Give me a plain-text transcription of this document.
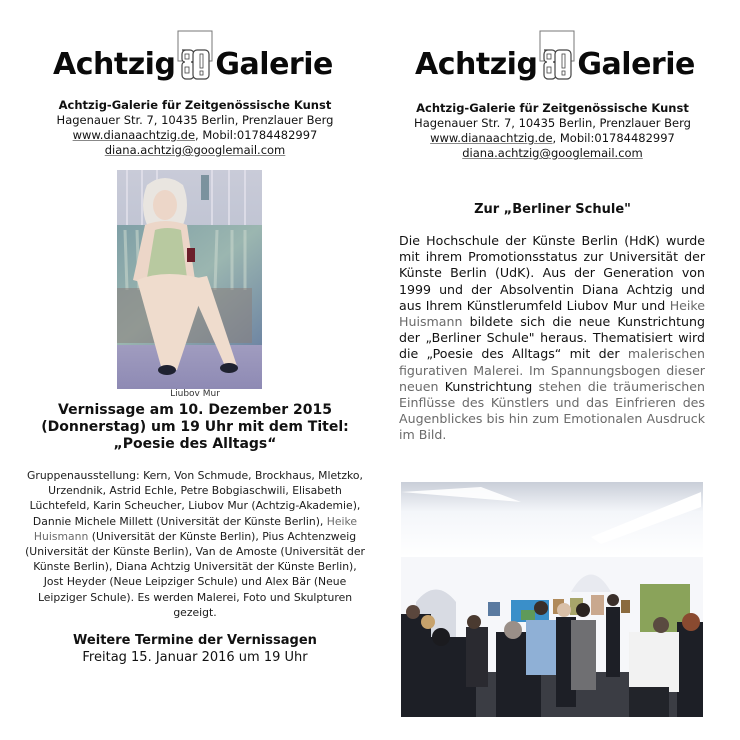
Achtzig Galerie
Achtzig-Galerie für Zeitgenössische Kunst
Hagenauer Str. 7, 10435 Berlin, Prenzlauer Berg
www.dianaachtzig.de, Mobil:01784482997
diana.achtzig@googlemail.com
Liubov Mur
Vernissage am 10. Dezember 2015
(Donnerstag) um 19 Uhr mit dem Titel:
„Poesie des Alltags“
Gruppenausstellung: Kern, Von Schmude, Brockhaus, Mletzko, Urzendnik, Astrid Echle, Petre Bobgiaschwili, Elisabeth Lüchtefeld, Karin Scheucher, Liubov Mur (Achtzig-Akademie), Dannie Michele Millett (Universität der Künste Berlin), Heike Huismann (Universität der Künste Berlin), Pius Achtenzweig (Universität der Künste Berlin), Van de Amoste (Universität der Künste Berlin), Diana Achtzig Universität der Künste Berlin), Jost Heyder (Neue Leipziger Schule) und Alex Bär (Neue Leipziger Schule). Es werden Malerei, Foto und Skulpturen gezeigt.
Weitere Termine der Vernissagen
Freitag 15. Januar 2016 um 19 Uhr
Achtzig Galerie
Achtzig-Galerie für Zeitgenössische Kunst
Hagenauer Str. 7, 10435 Berlin, Prenzlauer Berg
www.dianaachtzig.de, Mobil:01784482997
diana.achtzig@googlemail.com
Zur „Berliner Schule"
Die Hochschule der Künste Berlin (HdK) wurde mit ihrem Promotionsstatus zur Universität der Künste Berlin (UdK). Aus der Generation von 1999 und der Absolventin Diana Achtzig und aus Ihrem Künstlerumfeld Liubov Mur und Heike Huismann bildete sich die neue Kunstrichtung der „Berliner Schule" heraus. Thematisiert wird die „Poesie des Alltags“ mit der malerischen figurativen Malerei. Im Spannungsbogen dieser neuen Kunstrichtung stehen die träumerischen Einflüsse des Künstlers und das Einfrieren des Augenblickes bis hin zum Emotionalen Ausdruck im Bild.
